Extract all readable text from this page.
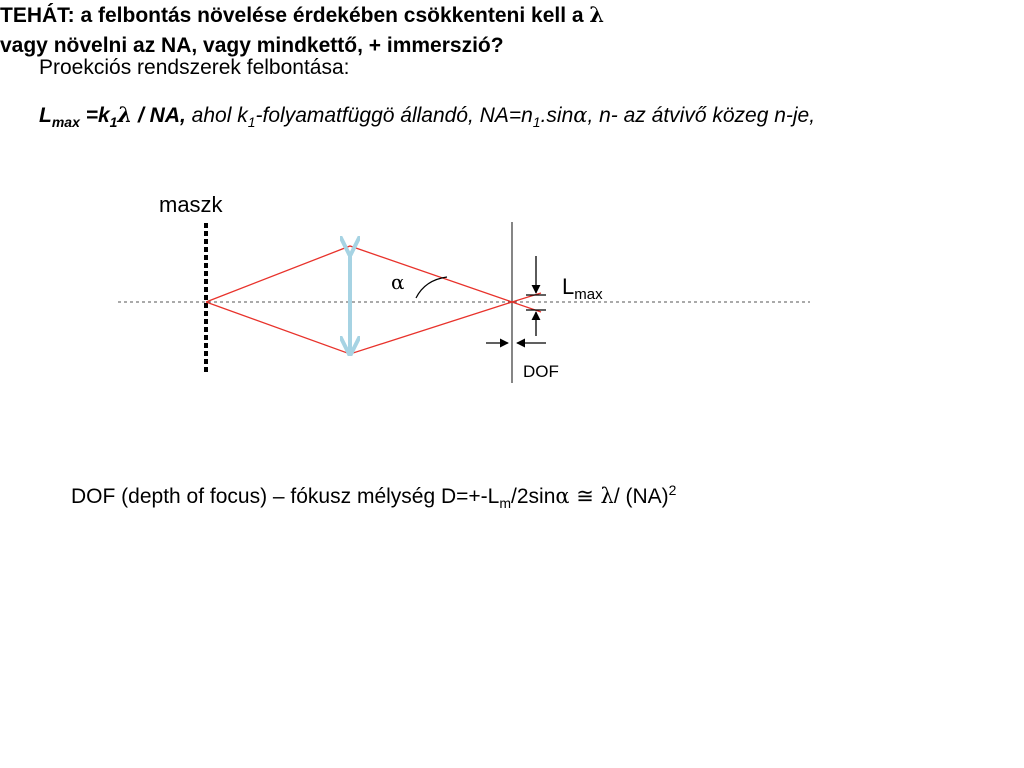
Proekciós rendszerek felbontása:
$L_{max} =k_1\lambda$ / NA, ahol $k_1$-folyamatfüggö állandó, $NA=n_1.\sin\alpha$, n- az átvivő közeg n-je,
α	$L_{max}$
DOF
maszk
DOF (depth of focus) – fókusz mélység $D=+-L_m/2\sin\alpha$ ≅ λ/ (NA)$^2$
TEHÁT: a felbontás növelése érdekében csökkenteni kell a λ
vagy növelni az NA, vagy mindkettő, + immerszió?
